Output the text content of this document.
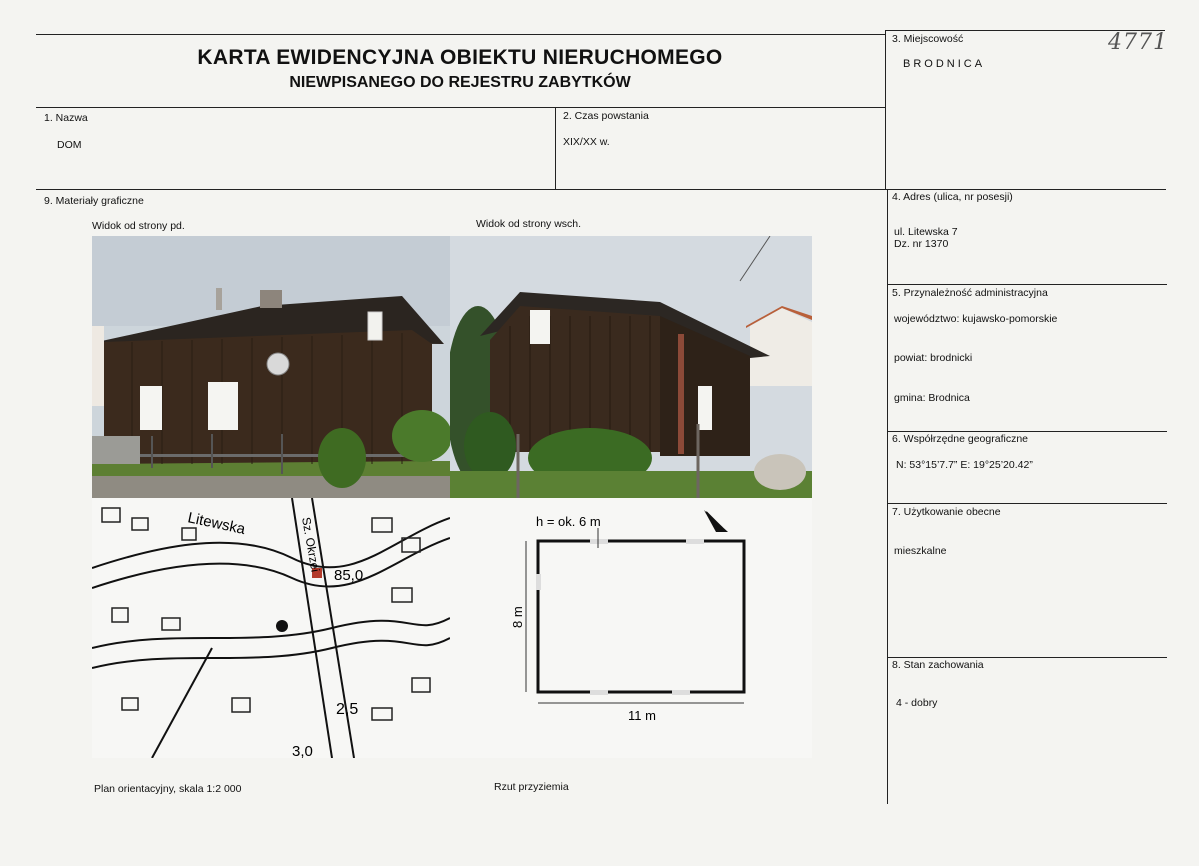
KARTA EWIDENCYJNA OBIEKTU NIERUCHOMEGO
NIEWPISANEGO DO REJESTRU ZABYTKÓW
3. Miejscowość
BRODNICA
4771
1. Nazwa
DOM
2. Czas powstania
XIX/XX w.
9. Materiały graficzne
Widok od strony pd.	Widok od strony wsch.
Litewska	Sz. Okrzei
85,0
2,5
3,0
h = ok. 6 m
11 m
8 m
Plan orientacyjny, skala 1:2 000	Rzut przyziemia
4. Adres (ulica, nr posesji)
ul. Litewska 7
Dz. nr 1370
5. Przynależność administracyjna
województwo: kujawsko-pomorskie
powiat: brodnicki
gmina: Brodnica
6. Współrzędne geograficzne
N: 53°15’7.7” E: 19°25’20.42”
7. Użytkowanie obecne
mieszkalne
8. Stan zachowania
4 - dobry
